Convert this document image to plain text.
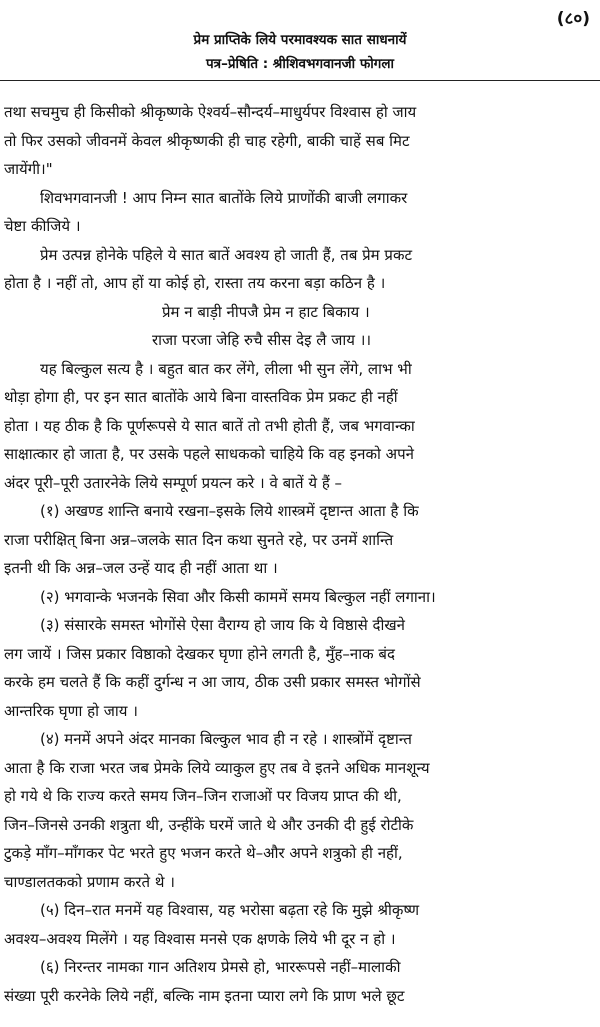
(८०)
प्रेम प्राप्तिके लिये परमावश्यक सात साधनायें
पत्र–प्रेषिति : श्रीशिवभगवानजी फोगला
तथा सचमुच ही किसीको श्रीकृष्णके ऐश्वर्य–सौन्दर्य–माधुर्यपर विश्वास हो जाय
तो फिर उसको जीवनमें केवल श्रीकृष्णकी ही चाह रहेगी, बाकी चाहें सब मिट
जायेंगी।"
शिवभगवानजी ! आप निम्न सात बातोंके लिये प्राणोंकी बाजी लगाकर
चेष्टा कीजिये ।
प्रेम उत्पन्न होनेके पहिले ये सात बातें अवश्य हो जाती हैं, तब प्रेम प्रकट
होता है । नहीं तो, आप हों या कोई हो, रास्ता तय करना बड़ा कठिन है ।
प्रेम न बाड़ी नीपजै प्रेम न हाट बिकाय ।
राजा परजा जेहि रुचै सीस देइ लै जाय ।।
यह बिल्कुल सत्य है । बहुत बात कर लेंगे, लीला भी सुन लेंगे, लाभ भी
थोड़ा होगा ही, पर इन सात बातोंके आये बिना वास्तविक प्रेम प्रकट ही नहीं
होता । यह ठीक है कि पूर्णरूपसे ये सात बातें तो तभी होती हैं, जब भगवान्का
साक्षात्कार हो जाता है, पर उसके पहले साधकको चाहिये कि वह इनको अपने
अंदर पूरी–पूरी उतारनेके लिये सम्पूर्ण प्रयत्न करे । वे बातें ये हैं –
(१) अखण्ड शान्ति बनाये रखना–इसके लिये शास्त्रमें दृष्टान्त आता है कि
राजा परीक्षित् बिना अन्न–जलके सात दिन कथा सुनते रहे, पर उनमें शान्ति
इतनी थी कि अन्न–जल उन्हें याद ही नहीं आता था ।
(२) भगवान्के भजनके सिवा और किसी काममें समय बिल्कुल नहीं लगाना।
(३) संसारके समस्त भोगोंसे ऐसा वैराग्य हो जाय कि ये विष्ठासे दीखने
लग जायें । जिस प्रकार विष्ठाको देखकर घृणा होने लगती है, मुँह–नाक बंद
करके हम चलते हैं कि कहीं दुर्गन्ध न आ जाय, ठीक उसी प्रकार समस्त भोगोंसे
आन्तरिक घृणा हो जाय ।
(४) मनमें अपने अंदर मानका बिल्कुल भाव ही न रहे । शास्त्रोंमें दृष्टान्त
आता है कि राजा भरत जब प्रेमके लिये व्याकुल हुए तब वे इतने अधिक मानशून्य
हो गये थे कि राज्य करते समय जिन–जिन राजाओं पर विजय प्राप्त की थी,
जिन–जिनसे उनकी शत्रुता थी, उन्हींके घरमें जाते थे और उनकी दी हुई रोटीके
टुकड़े माँग–माँगकर पेट भरते हुए भजन करते थे–और अपने शत्रुको ही नहीं,
चाण्डालतकको प्रणाम करते थे ।
(५) दिन–रात मनमें यह विश्वास, यह भरोसा बढ़ता रहे कि मुझे श्रीकृष्ण
अवश्य–अवश्य मिलेंगे । यह विश्वास मनसे एक क्षणके लिये भी दूर न हो ।
(६) निरन्तर नामका गान अतिशय प्रेमसे हो, भाररूपसे नहीं–मालाकी
संख्या पूरी करनेके लिये नहीं, बल्कि नाम इतना प्यारा लगे कि प्राण भले छूट
